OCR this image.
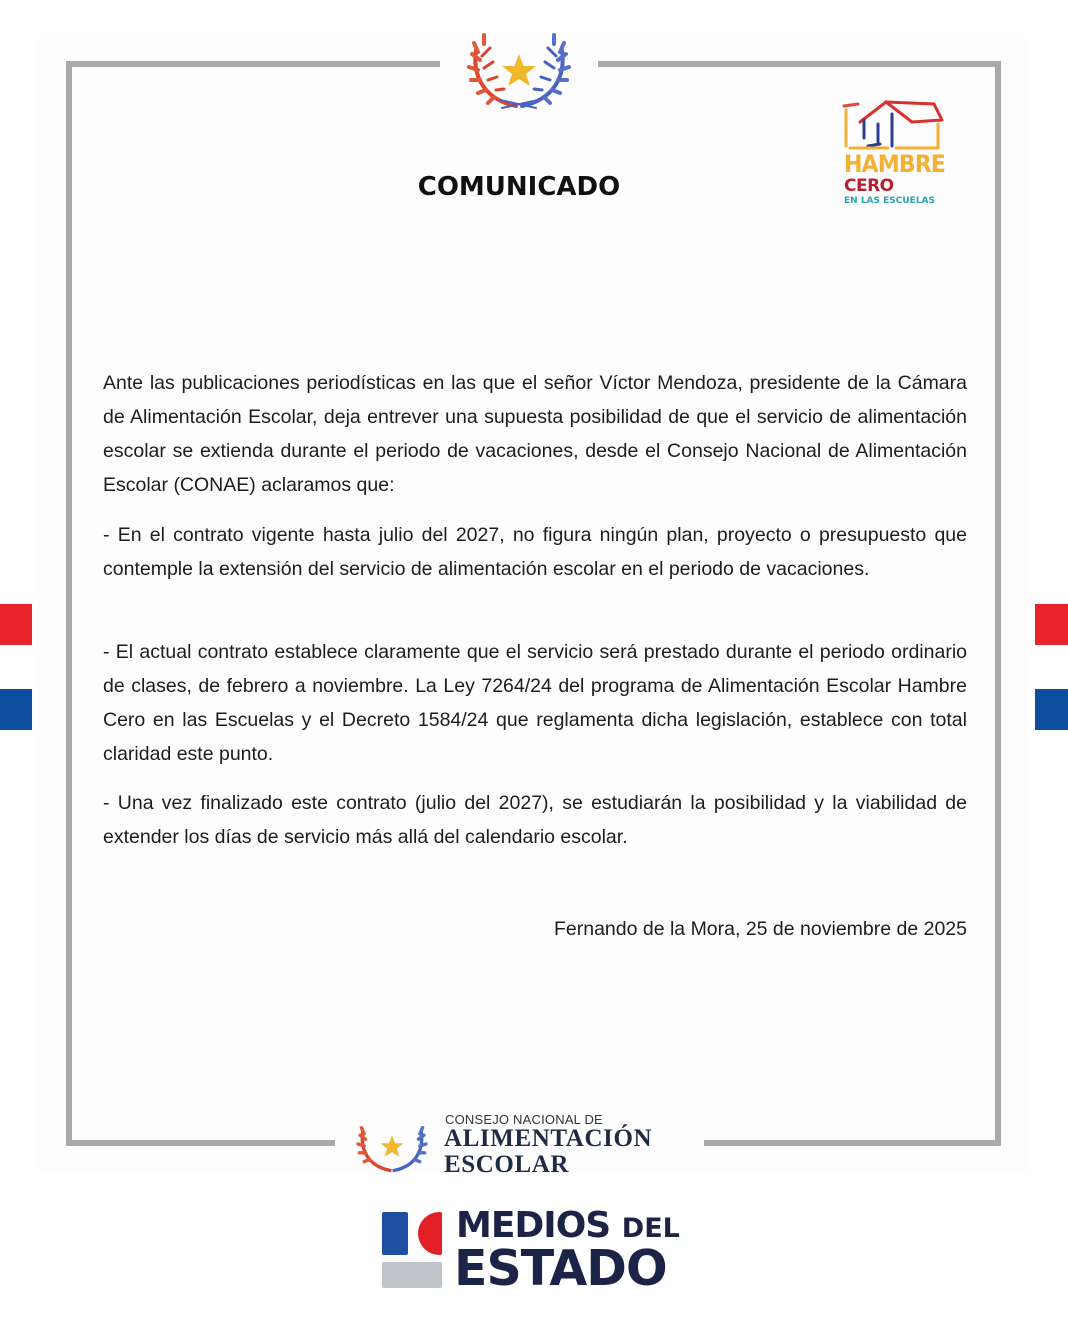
COMUNICADO
HAMBRE
CERO
EN LAS ESCUELAS

Ante las publicaciones periodísticas en las que el señor Víctor Mendoza, presidente de la Cámara de Alimentación Escolar, deja entrever una supuesta posibilidad de que el servicio de alimentación escolar se extienda durante el periodo de vacaciones, desde el Consejo Nacional de Alimentación Escolar (CONAE) aclaramos que:

- En el contrato vigente hasta julio del 2027, no figura ningún plan, proyecto o presupuesto que contemple la extensión del servicio de alimentación escolar en el periodo de vacaciones.

- El actual contrato establece claramente que el servicio será prestado durante el periodo ordinario de clases, de febrero a noviembre. La Ley 7264/24 del programa de Alimentación Escolar Hambre Cero en las Escuelas y el Decreto 1584/24 que reglamenta dicha legislación, establece con total claridad este punto.

- Una vez finalizado este contrato (julio del 2027), se estudiarán la posibilidad y la viabilidad de extender los días de servicio más allá del calendario escolar.

Fernando de la Mora, 25 de noviembre de 2025
CONSEJO NACIONAL DE
ALIMENTACIÓN
ESCOLAR
MEDIOS DEL
ESTADO
